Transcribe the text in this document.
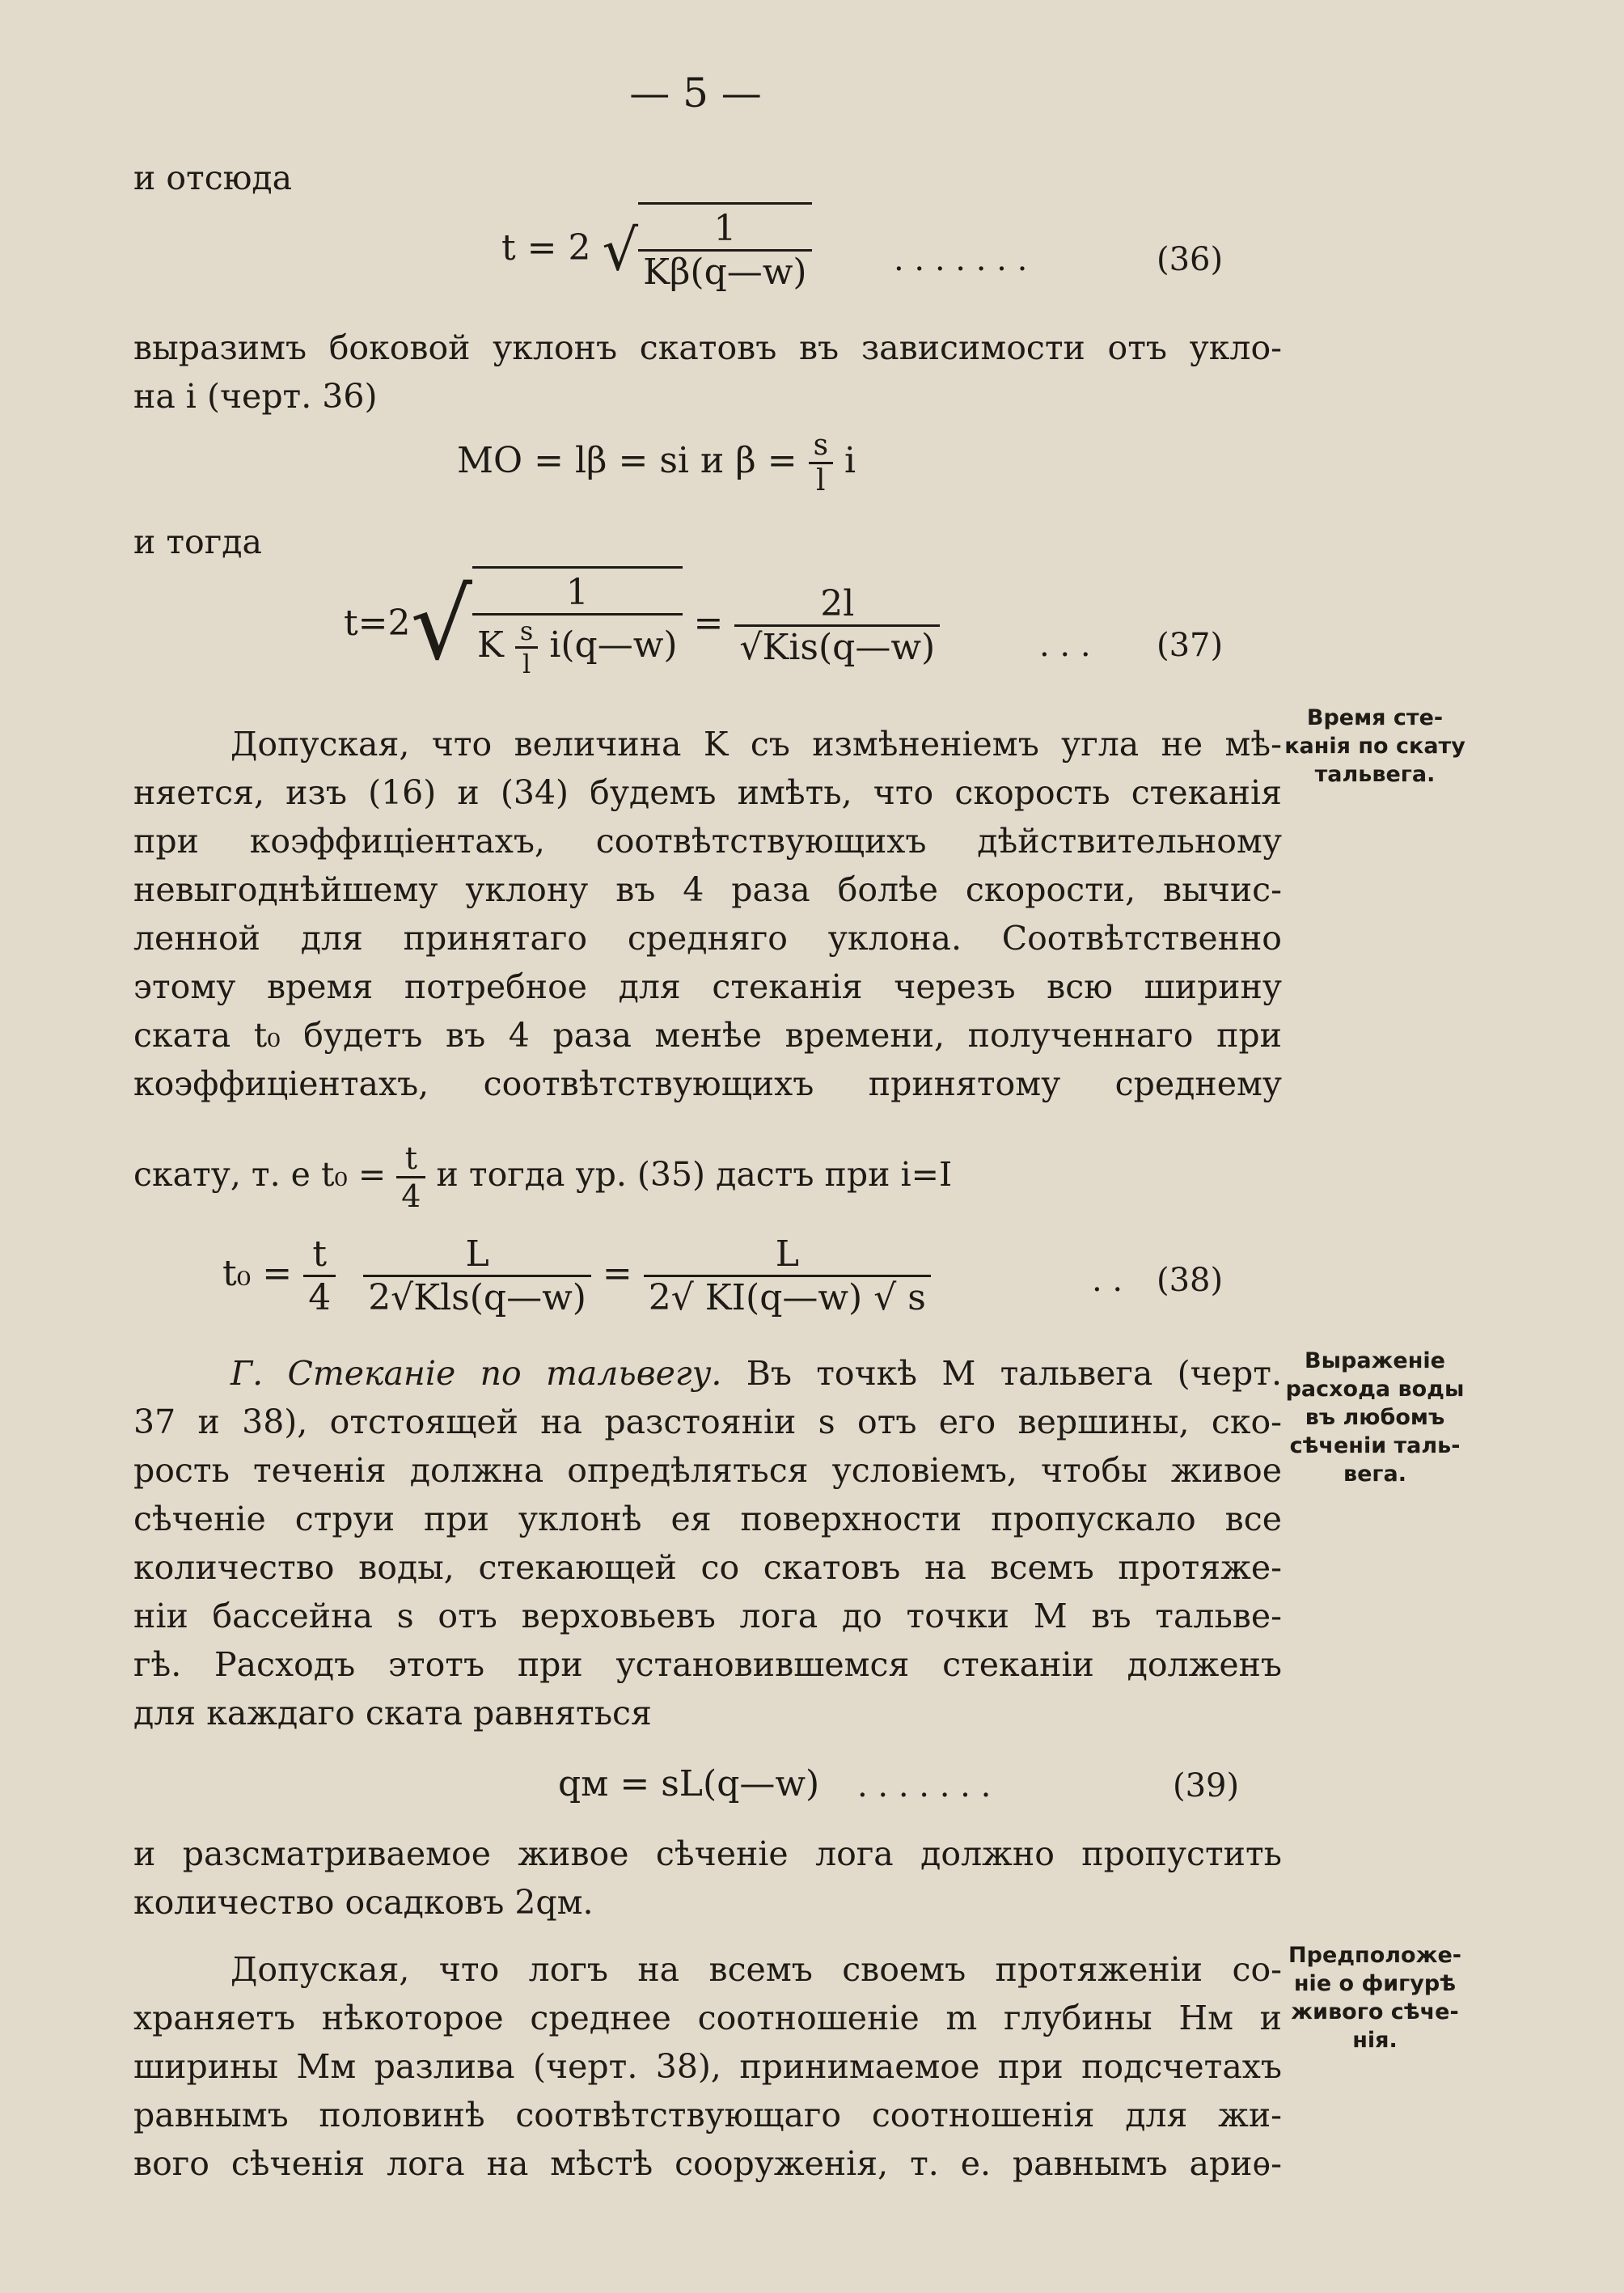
— 5 —
и отсюда
t = 2 √ $\frac{1}{K\beta(q—w)}$	. . . . . . .	(36)
выразимъ боковой уклонъ скатовъ въ зависимости отъ укло-
на i (черт. 36)
MO = lβ = si и $\beta = \frac{s}{l}$ i
и тогда
$t=2√ \frac{1}{K \frac{s}{l} i(q—w)} = \frac{2l}{\text{√Kis(q—w)}}$	. . . (37)
Допуская, что величина K съ измѣненіемъ угла не мѣ-
няется, изъ (16) и (34) будемъ имѣть, что скорость стеканія
при коэффиціентахъ, соотвѣтствующихъ дѣйствительному
невыгоднѣйшему уклону въ 4 раза болѣе скорости, вычис-
ленной для принятаго средняго уклона. Соотвѣтственно
этому время потребное для стеканія черезъ всю ширину
ската t₀ будетъ въ 4 раза менѣе времени, полученнаго при
коэффиціентахъ, соотвѣтствующихъ принятому среднему
скату, т. е $t_0 = \frac{t}{4}$ и тогда ур. (35) дастъ при i=I
$t_0 = \frac{t}{4}$
$\frac{L}{\text{2√Kls(q—w)}} = \frac{L}{2√ KI(q—w) √ s}$	. . (38)
Г. Стеканіе по тальвегу. Въ точкѣ M тальвега (черт.
37 и 38), отстоящей на разстояніи s отъ его вершины, ско-
рость теченія должна опредѣляться условіемъ, чтобы живое
сѣченіе струи при уклонѣ ея поверхности пропускало все
количество воды, стекающей со скатовъ на всемъ протяже-
ніи бассейна s отъ верховьевъ лога до точки M въ тальве-
гѣ. Расходъ этотъ при установившемся стеканіи долженъ
для каждаго ската равняться
qм = sL(q—w) . . . . . . .	(39)
и разсматриваемое живое сѣченіе лога должно пропустить
количество осадковъ 2qм.
Допуская, что логъ на всемъ своемъ протяженіи со-
храняетъ нѣкоторое среднее соотношеніе m глубины Hм и
ширины Mм разлива (черт. 38), принимаемое при подсчетахъ
равнымъ половинѣ соотвѣтствующаго соотношенія для жи-
вого сѣченія лога на мѣстѣ сооруженія, т. е. равнымъ ариѳ-
Время сте-
канія по скату
тальвега.
Выраженіе
расхода воды
въ любомъ
сѣченіи таль-
вега.
Предположе-
ніе о фигурѣ
живого сѣче-
нія.
